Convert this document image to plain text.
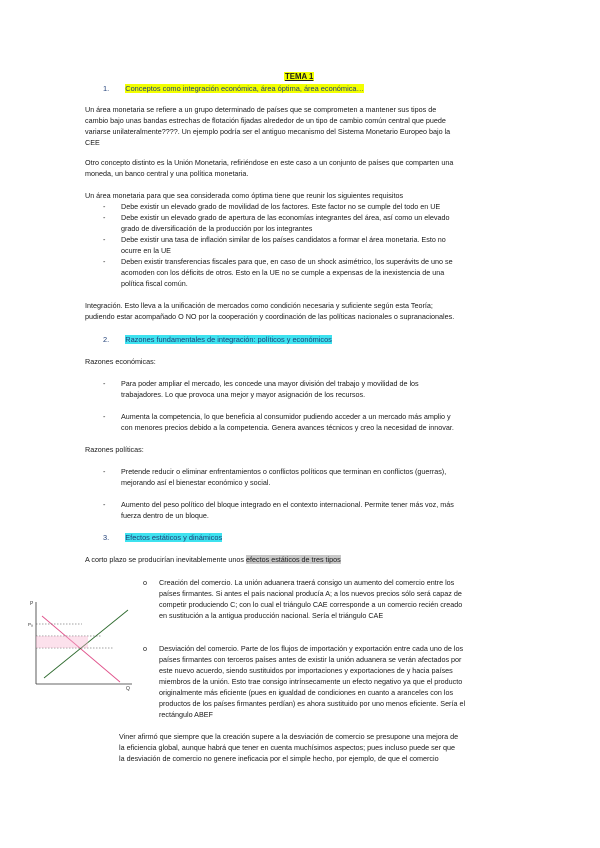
TEMA 1
1. Conceptos como integración económica, área óptima, área económica…
Un área monetaria se refiere a un grupo determinado de países que se comprometen a mantener sus tipos de
cambio bajo unas bandas estrechas de flotación fijadas alrededor de un tipo de cambio común central que puede
variarse unilateralmente????. Un ejemplo podría ser el antiguo mecanismo del Sistema Monetario Europeo bajo la
CEE
Otro concepto distinto es la Unión Monetaria, refiriéndose en este caso a un conjunto de países que comparten una
moneda, un banco central y una política monetaria.
Un área monetaria para que sea considerada como óptima tiene que reunir los siguientes requisitos
- Debe existir un elevado grado de movilidad de los factores. Este factor no se cumple del todo en UE
- Debe existir un elevado grado de apertura de las economías integrantes del área, así como un elevado
grado de diversificación de la producción por los integrantes
- Debe existir una tasa de inflación similar de los países candidatos a formar el área monetaria. Esto no
ocurre en la UE
- Deben existir transferencias fiscales para que, en caso de un shock asimétrico, los superávits de uno se
acomoden con los déficits de otros. Esto en la UE no se cumple a expensas de la inexistencia de una
política fiscal común.
Integración. Esto lleva a la unificación de mercados como condición necesaria y suficiente según esta Teoría;
pudiendo estar acompañado O NO por la cooperación y coordinación de las políticas nacionales o supranacionales.
2. Razones fundamentales de integración: políticos y económicos
Razones económicas:
- Para poder ampliar el mercado, les concede una mayor división del trabajo y movilidad de los
trabajadores. Lo que provoca una mejor y mayor asignación de los recursos.
- Aumenta la competencia, lo que beneficia al consumidor pudiendo acceder a un mercado más amplio y
con menores precios debido a la competencia. Genera avances técnicos y creo la necesidad de innovar.
Razones políticas:
- Pretende reducir o eliminar enfrentamientos o conflictos políticos que terminan en conflictos (guerras),
mejorando así el bienestar económico y social.
- Aumento del peso político del bloque integrado en el contexto internacional. Permite tener más voz, más
fuerza dentro de un bloque.
3. Efectos estáticos y dinámicos
A corto plazo se producirían inevitablemente unos efectos estáticos de tres tipos
P
Pₐ
Q
o Creación del comercio. La unión aduanera traerá consigo un aumento del comercio entre los
países firmantes. Si antes el país nacional producía A; a los nuevos precios sólo será capaz de
competir produciendo C; con lo cual el triángulo CAE corresponde a un comercio recién creado
en sustitución a la antigua producción nacional. Sería el triángulo CAE
o Desviación del comercio. Parte de los flujos de importación y exportación entre cada uno de los
países firmantes con terceros países antes de existir la unión aduanera se verán afectados por
este nuevo acuerdo, siendo sustituidos por importaciones y exportaciones de y hacia países
miembros de la unión. Esto trae consigo intrínsecamente un efecto negativo ya que el producto
originalmente más eficiente (pues en igualdad de condiciones en cuanto a aranceles con los
productos de los países firmantes perdían) es ahora sustituido por uno menos eficiente. Sería el
rectángulo ABEF
Viner afirmó que siempre que la creación supere a la desviación de comercio se presupone una mejora de
la eficiencia global, aunque habrá que tener en cuenta muchísimos aspectos; pues incluso puede ser que
la desviación de comercio no genere ineficacia por el simple hecho, por ejemplo, de que el comercio
